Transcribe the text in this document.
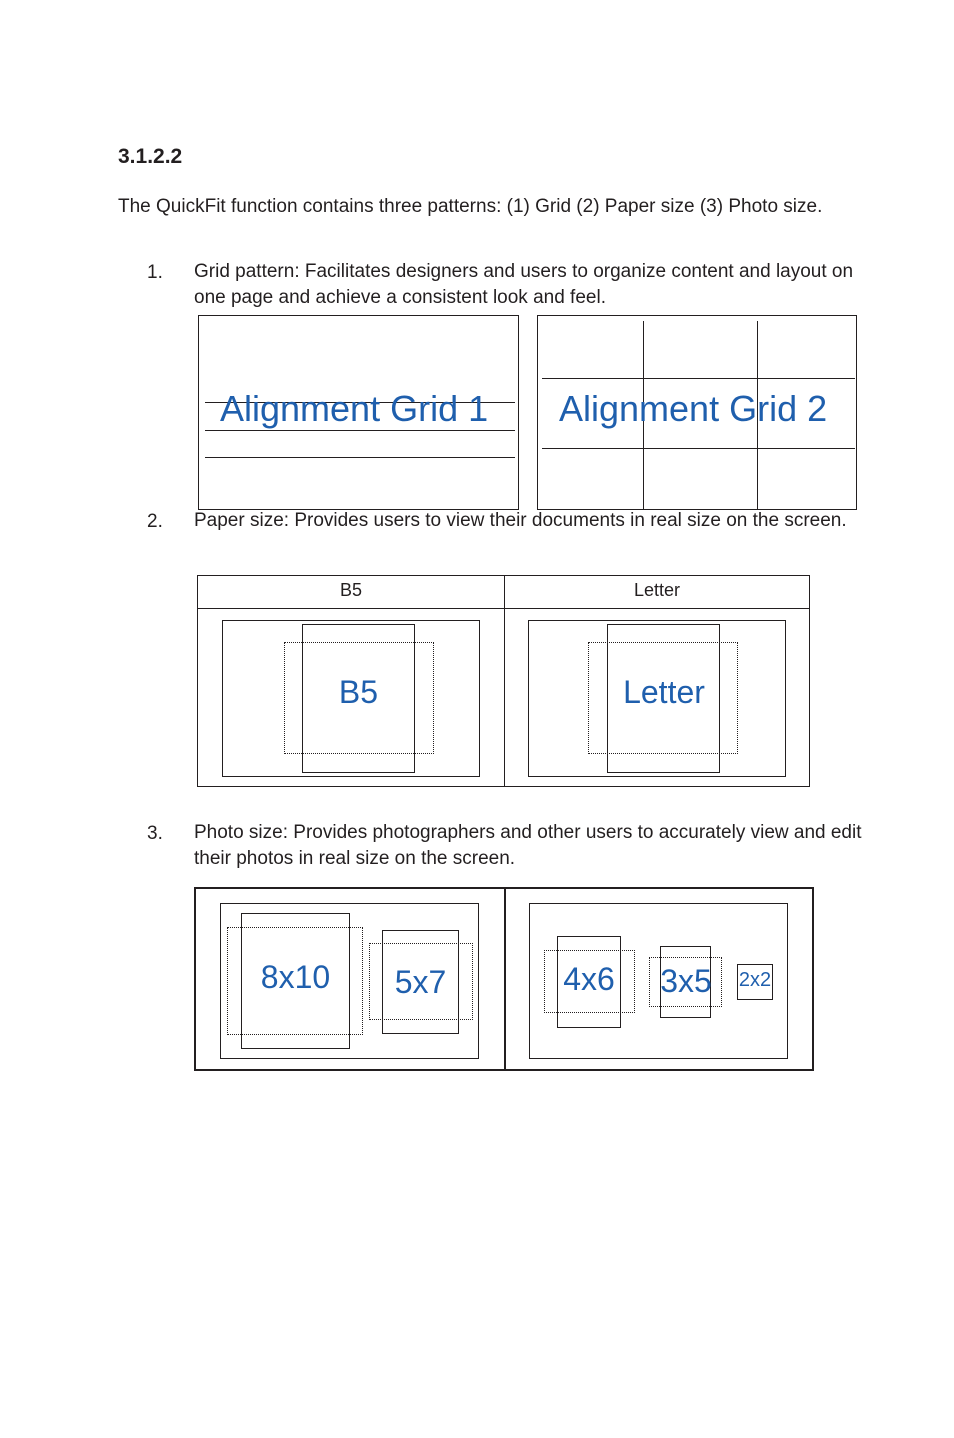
3.1.2.2
The QuickFit function contains three patterns: (1) Grid (2) Paper size (3) Photo size.
1. Grid pattern: Facilitates designers and users to organize content and layout on one page and achieve a consistent look and feel.
Alignment Grid 1 Alignment Grid 2
2. Paper size: Provides users to view their documents in real size on the screen.
B5	Letter
B5	Letter
3. Photo size: Provides photographers and other users to accurately view and edit their photos in real size on the screen.
8x10	5x7	4x6	3x5	2x2
